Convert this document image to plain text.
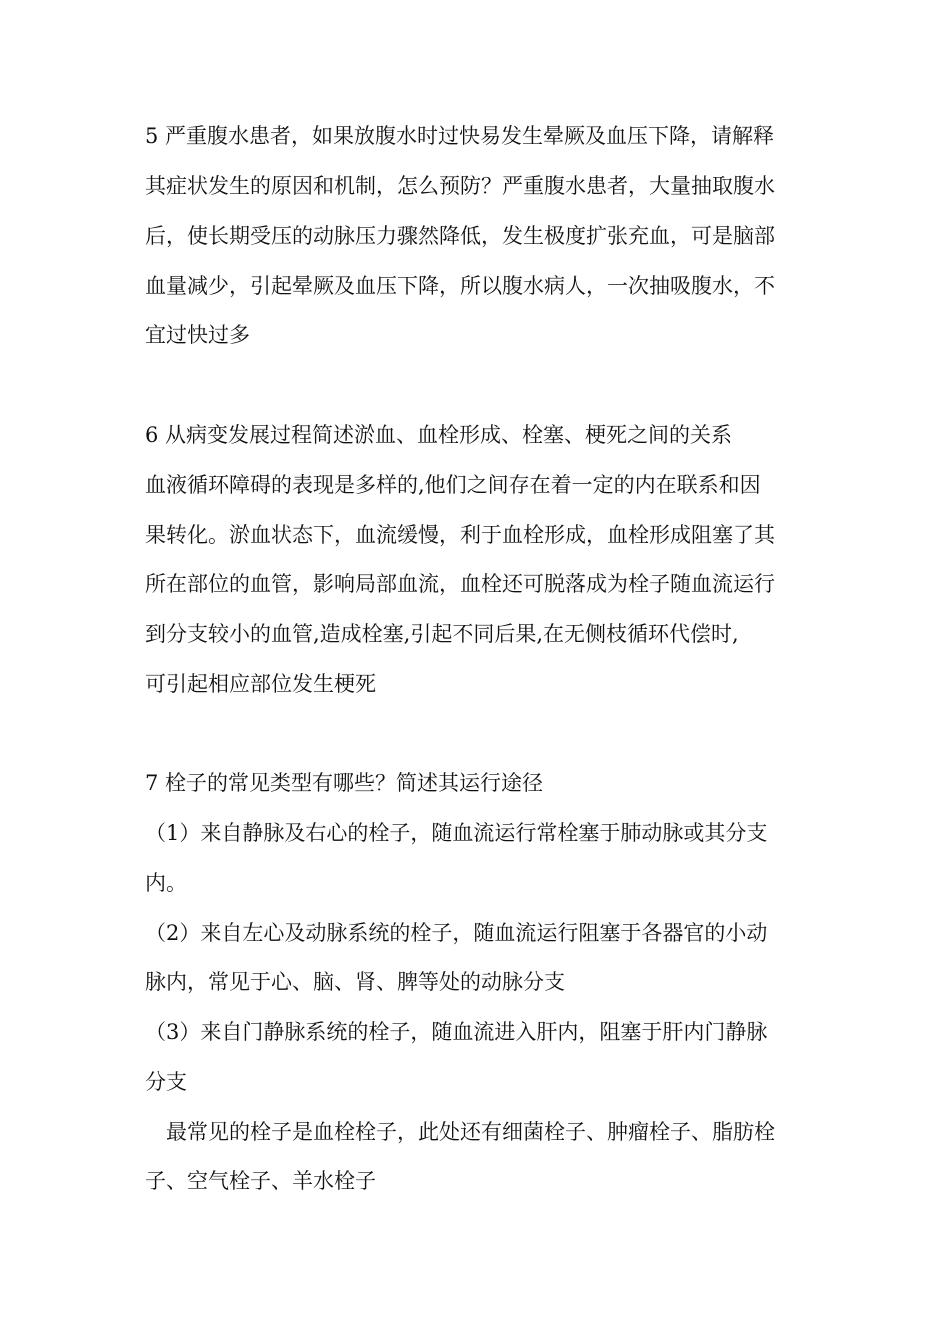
5 严重腹水患者，如果放腹水时过快易发生晕厥及血压下降，请解释
其症状发生的原因和机制，怎么预防？严重腹水患者，大量抽取腹水
后，使长期受压的动脉压力骤然降低，发生极度扩张充血，可是脑部
血量减少，引起晕厥及血压下降，所以腹水病人，一次抽吸腹水，不
宜过快过多
6 从病变发展过程简述淤血、血栓形成、栓塞、梗死之间的关系
血液循环障碍的表现是多样的,他们之间存在着一定的内在联系和因
果转化。淤血状态下，血流缓慢，利于血栓形成，血栓形成阻塞了其
所在部位的血管，影响局部血流，血栓还可脱落成为栓子随血流运行
到分支较小的血管,造成栓塞,引起不同后果,在无侧枝循环代偿时,
可引起相应部位发生梗死
7 栓子的常见类型有哪些？简述其运行途径
（1）来自静脉及右心的栓子，随血流运行常栓塞于肺动脉或其分支
内。
（2）来自左心及动脉系统的栓子，随血流运行阻塞于各器官的小动
脉内，常见于心、脑、肾、脾等处的动脉分支
（3）来自门静脉系统的栓子，随血流进入肝内，阻塞于肝内门静脉
分支
最常见的栓子是血栓栓子，此处还有细菌栓子、肿瘤栓子、脂肪栓
子、空气栓子、羊水栓子
